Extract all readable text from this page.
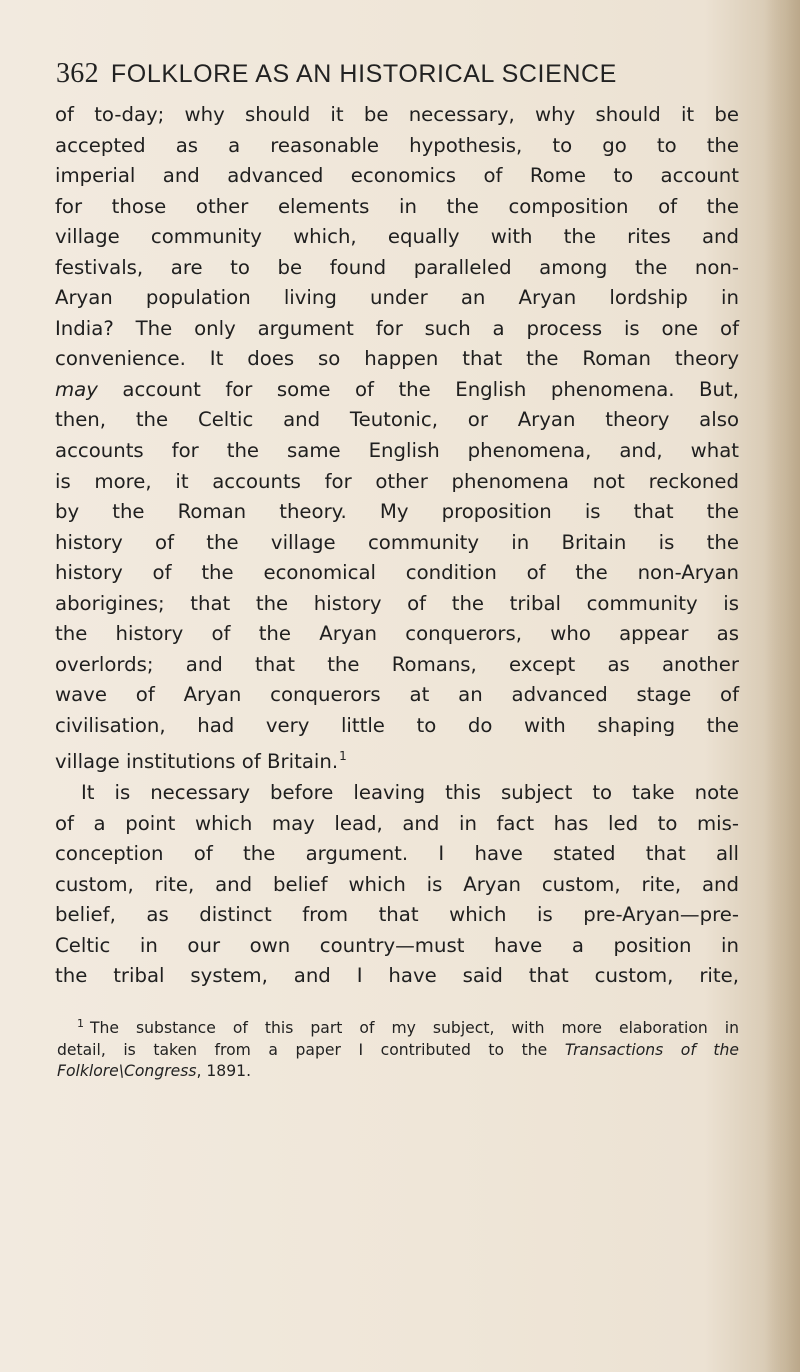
362 FOLKLORE AS AN HISTORICAL SCIENCE
of to-day; why should it be necessary, why should it be
accepted as a reasonable hypothesis, to go to the
imperial and advanced economics of Rome to account
for those other elements in the composition of the
village community which, equally with the rites and
festivals, are to be found paralleled among the non-
Aryan population living under an Aryan lordship in
India? The only argument for such a process is one of
convenience. It does so happen that the Roman theory
may account for some of the English phenomena. But,
then, the Celtic and Teutonic, or Aryan theory also
accounts for the same English phenomena, and, what
is more, it accounts for other phenomena not reckoned
by the Roman theory. My proposition is that the
history of the village community in Britain is the
history of the economical condition of the non-Aryan
aborigines; that the history of the tribal community is
the history of the Aryan conquerors, who appear as
overlords; and that the Romans, except as another
wave of Aryan conquerors at an advanced stage of
civilisation, had very little to do with shaping the
village institutions of Britain.$^1$
It is necessary before leaving this subject to take note
of a point which may lead, and in fact has led to mis-
conception of the argument. I have stated that all
custom, rite, and belief which is Aryan custom, rite, and
belief, as distinct from that which is pre-Aryan—pre-
Celtic in our own country—must have a position in
the tribal system, and I have said that custom, rite,
$^1$ The substance of this part of my subject, with more elaboration in
detail, is taken from a paper I contributed to the Transactions of the
Folklore\Congress, 1891.
